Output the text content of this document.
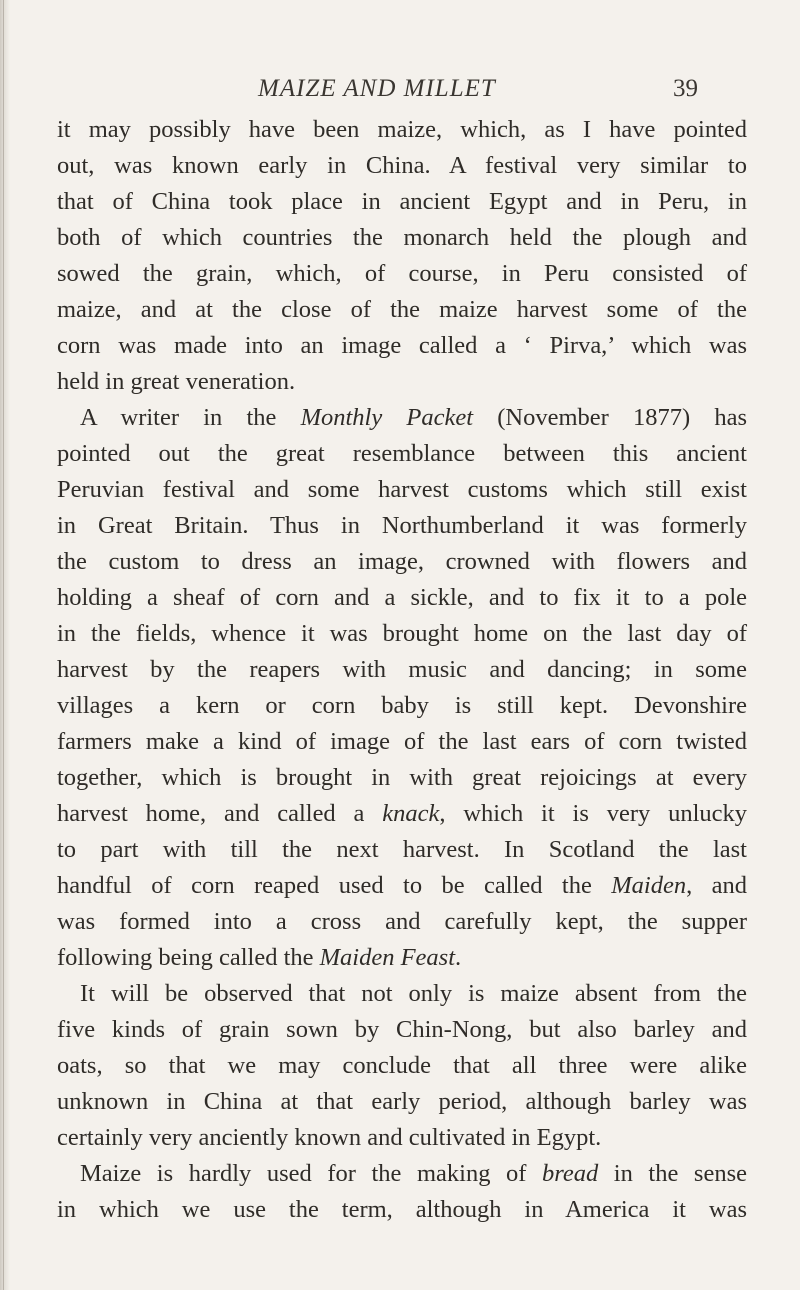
MAIZE AND MILLET	39
it may possibly have been maize, which, as I have pointed
out, was known early in China. A festival very similar to
that of China took place in ancient Egypt and in Peru, in
both of which countries the monarch held the plough and
sowed the grain, which, of course, in Peru consisted of
maize, and at the close of the maize harvest some of the
corn was made into an image called a ‘ Pirva,’ which was
held in great veneration.
A writer in the Monthly Packet (November 1877) has
pointed out the great resemblance between this ancient
Peruvian festival and some harvest customs which still exist
in Great Britain. Thus in Northumberland it was formerly
the custom to dress an image, crowned with flowers and
holding a sheaf of corn and a sickle, and to fix it to a pole
in the fields, whence it was brought home on the last day of
harvest by the reapers with music and dancing; in some
villages a kern or corn baby is still kept. Devonshire
farmers make a kind of image of the last ears of corn twisted
together, which is brought in with great rejoicings at every
harvest home, and called a knack, which it is very unlucky
to part with till the next harvest. In Scotland the last
handful of corn reaped used to be called the Maiden, and
was formed into a cross and carefully kept, the supper
following being called the Maiden Feast.
It will be observed that not only is maize absent from the
five kinds of grain sown by Chin-Nong, but also barley and
oats, so that we may conclude that all three were alike
unknown in China at that early period, although barley was
certainly very anciently known and cultivated in Egypt.
Maize is hardly used for the making of bread in the sense
in which we use the term, although in America it was
